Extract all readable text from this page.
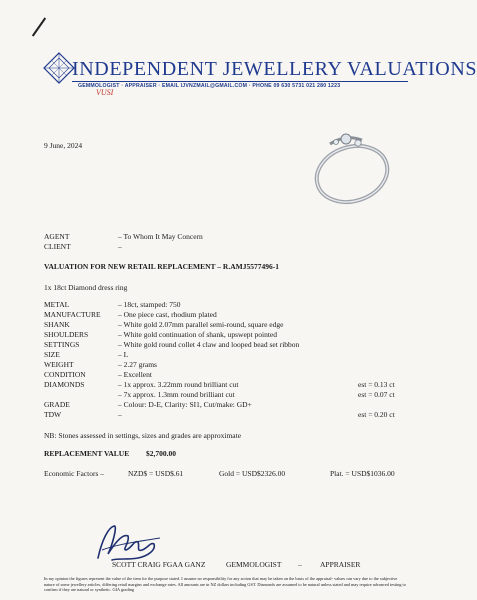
INDEPENDENT JEWELLERY VALUATIONS
GEMMOLOGIST · APPRAISER · EMAIL IJVNZMAIL@GMAIL.COM · PHONE 09 630 5731 021 280 1223
VUSI
9 June, 2024
AGENT	– To Whom It May Concern
CLIENT	–
VALUATION FOR NEW RETAIL REPLACEMENT – R.AMJ5577496-1
1x 18ct Diamond dress ring
METAL	– 18ct, stamped: 750
MANUFACTURE – One piece cast, rhodium plated
SHANK	– White gold 2.07mm parallel semi-round, square edge
SHOULDERS	– White gold continuation of shank, upswept pointed
SETTINGS	– White gold round collet 4 claw and looped bead set ribbon
SIZE	– L
WEIGHT	– 2.27 grams
CONDITION	– Excellent
DIAMONDS	– 1x approx. 3.22mm round brilliant cut	est = 0.13 ct
– 7x approx. 1.3mm round brilliant cut	est = 0.07 ct
GRADE	– Colour: D-E, Clarity: SI1, Cut/make: GD+
TDW	–	est = 0.20 ct
NB: Stones assessed in settings, sizes and grades are approximate
REPLACEMENT VALUE $2,700.00
Economic Factors –	NZD$ = USD$.61	Gold = USD$2326.00	Plat. = USD$1036.00
SCOTT CRAIG FGAA GANZ	GEMMOLOGIST – APPRAISER
In my opinion the figures represent the value of the item for the purpose stated. I assume no responsibility for any action that may be taken on the basis of the appraisal- values can vary due to the subjective nature of some jewellery articles, differing retail margins and exchange rates. All amounts are in NZ dollars including GST. Diamonds are assumed to be natural unless stated and may require advanced testing to confirm if they are natural or synthetic. GIA grading
